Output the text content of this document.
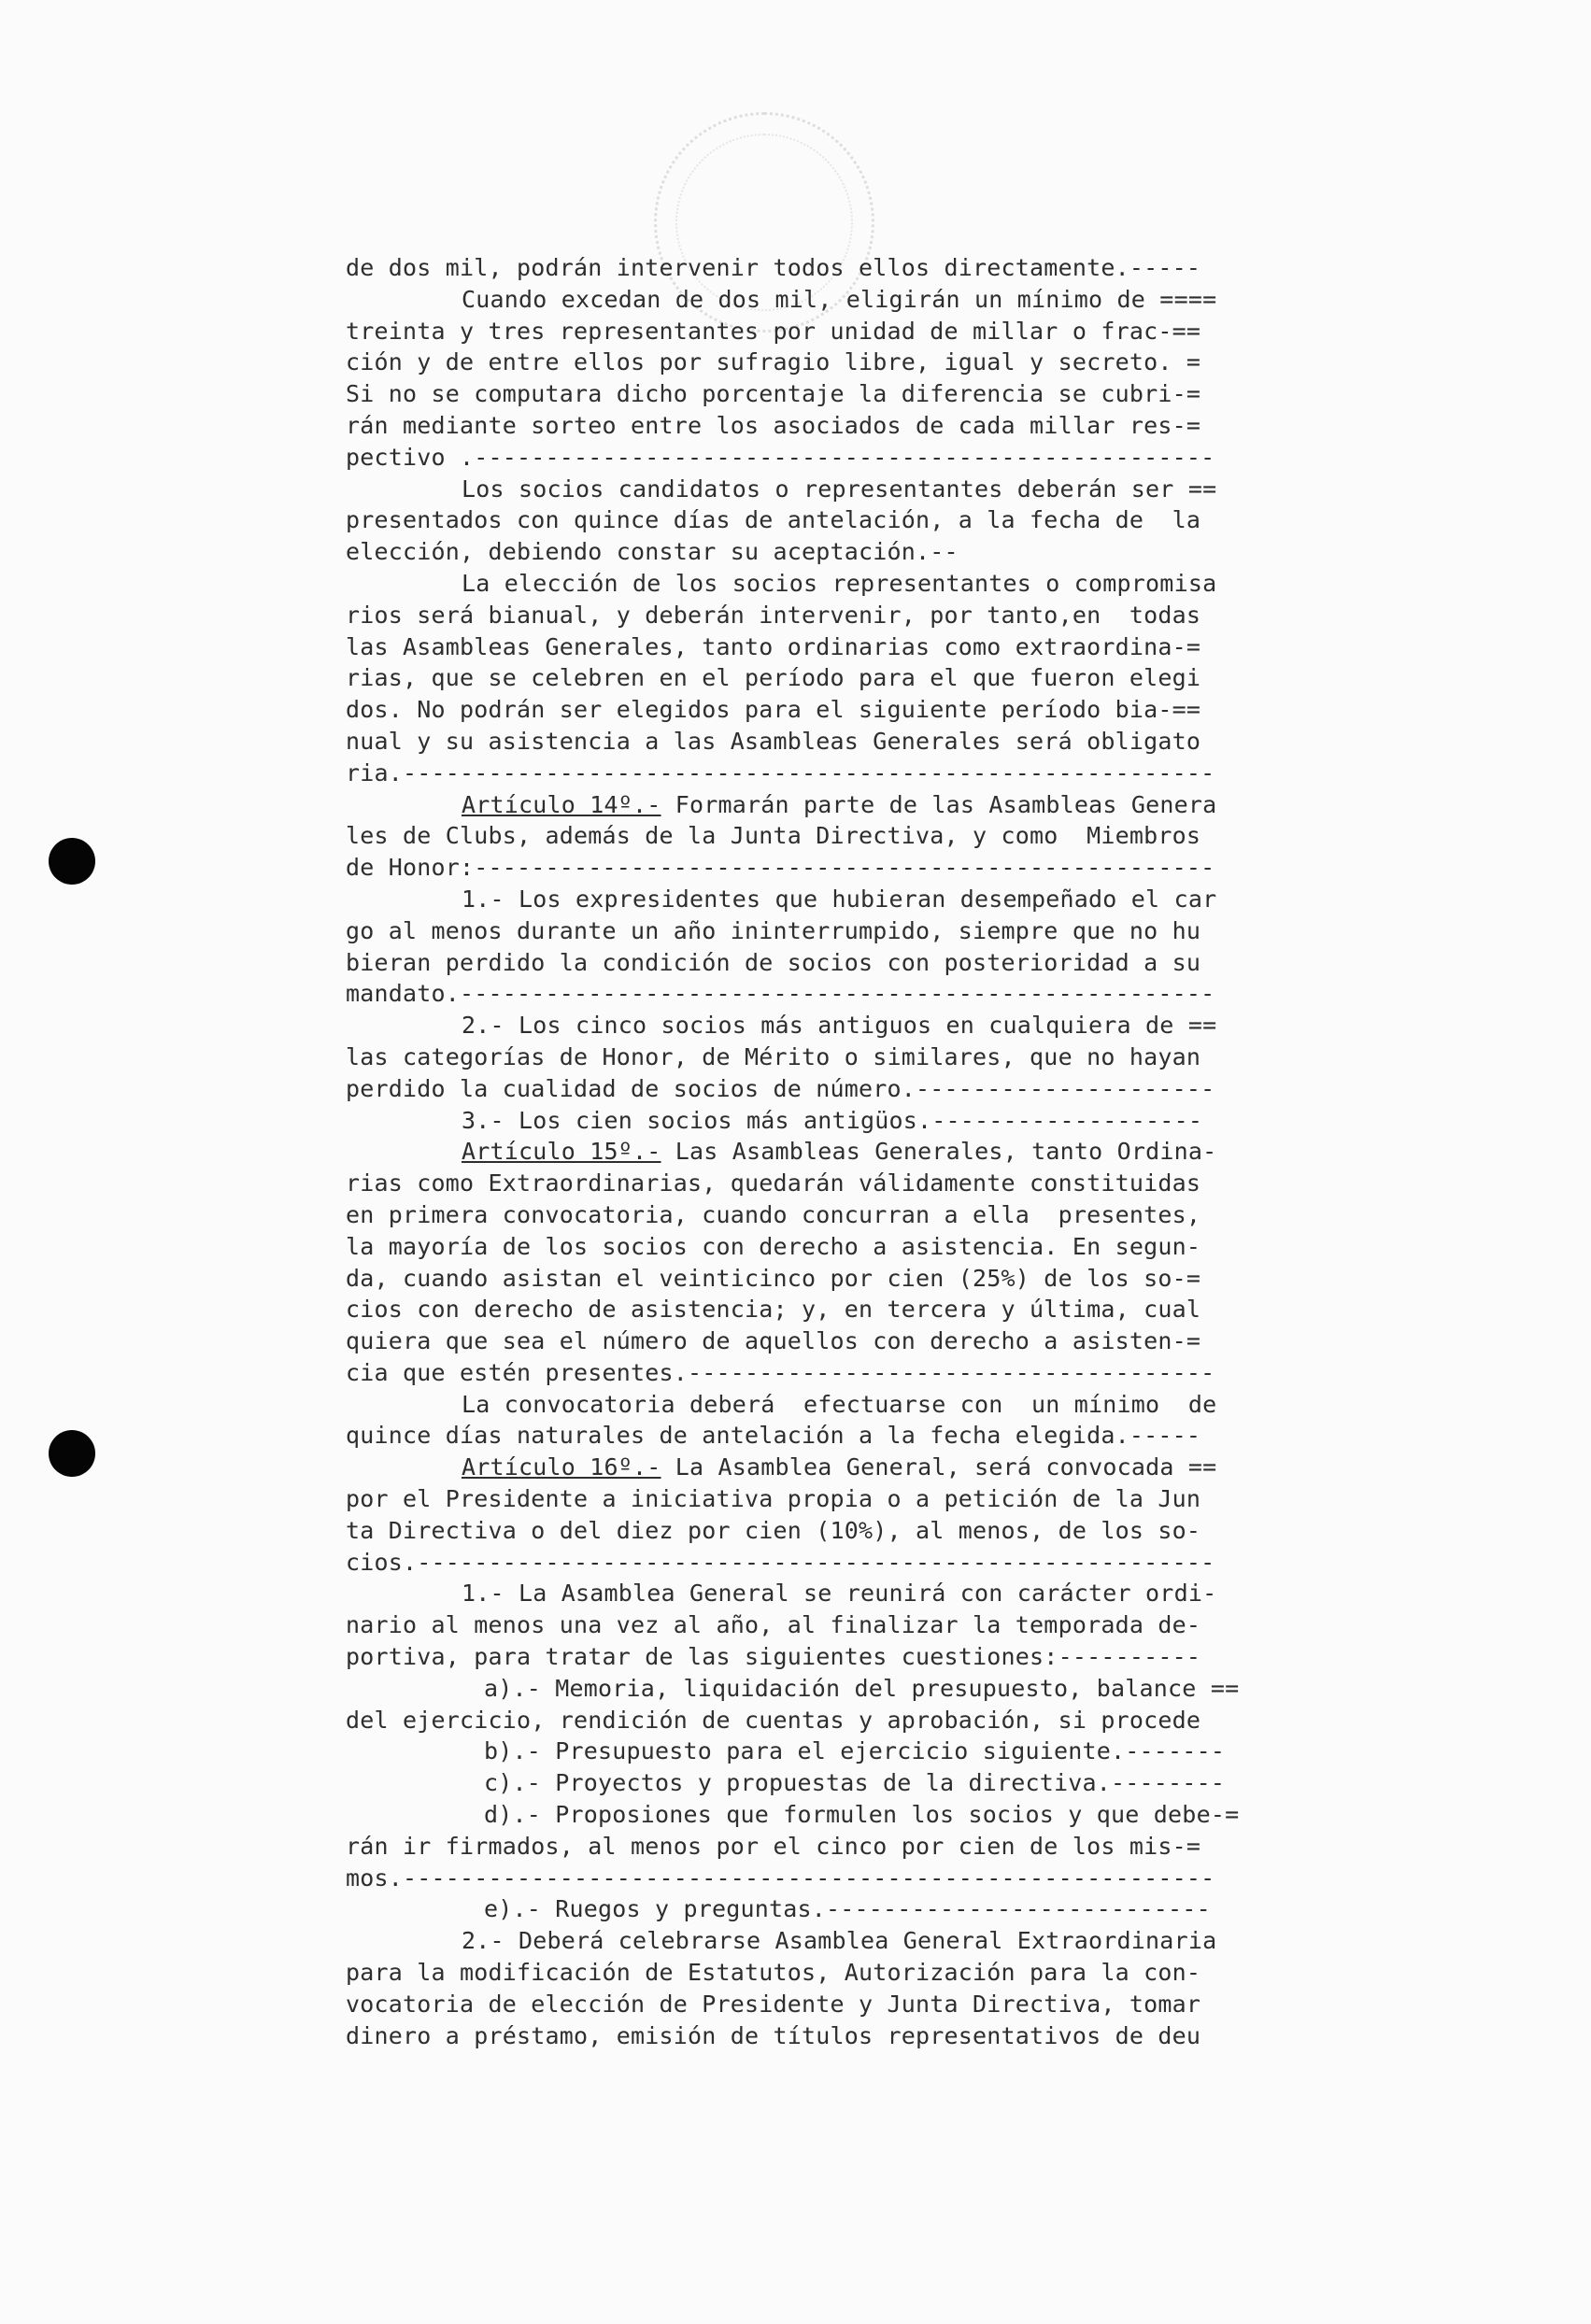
de dos mil, podrán intervenir todos ellos directamente.-----
Cuando excedan de dos mil, eligirán un mínimo de ====
treinta y tres representantes por unidad de millar o frac-==
ción y de entre ellos por sufragio libre, igual y secreto. =
Si no se computara dicho porcentaje la diferencia se cubri-=
rán mediante sorteo entre los asociados de cada millar res-=
pectivo .----------------------------------------------------
Los socios candidatos o representantes deberán ser ==
presentados con quince días de antelación, a la fecha de  la
elección, debiendo constar su aceptación.--
La elección de los socios representantes o compromisa
rios será bianual, y deberán intervenir, por tanto,en  todas
las Asambleas Generales, tanto ordinarias como extraordina-=
rias, que se celebren en el período para el que fueron elegi
dos. No podrán ser elegidos para el siguiente período bia-==
nual y su asistencia a las Asambleas Generales será obligato
ria.---------------------------------------------------------
Artículo 14º.- Formarán parte de las Asambleas Genera
les de Clubs, además de la Junta Directiva, y como  Miembros
de Honor:----------------------------------------------------
1.- Los expresidentes que hubieran desempeñado el car
go al menos durante un año ininterrumpido, siempre que no hu
bieran perdido la condición de socios con posterioridad a su
mandato.-----------------------------------------------------
2.- Los cinco socios más antiguos en cualquiera de ==
las categorías de Honor, de Mérito o similares, que no hayan
perdido la cualidad de socios de número.---------------------
3.- Los cien socios más antigüos.-------------------
Artículo 15º.- Las Asambleas Generales, tanto Ordina-
rias como Extraordinarias, quedarán válidamente constituidas
en primera convocatoria, cuando concurran a ella  presentes,
la mayoría de los socios con derecho a asistencia. En segun-
da, cuando asistan el veinticinco por cien (25%) de los so-=
cios con derecho de asistencia; y, en tercera y última, cual
quiera que sea el número de aquellos con derecho a asisten-=
cia que estén presentes.-------------------------------------
La convocatoria deberá  efectuarse con  un mínimo  de
quince días naturales de antelación a la fecha elegida.-----
Artículo 16º.- La Asamblea General, será convocada ==
por el Presidente a iniciativa propia o a petición de la Jun
ta Directiva o del diez por cien (10%), al menos, de los so-
cios.--------------------------------------------------------
1.- La Asamblea General se reunirá con carácter ordi-
nario al menos una vez al año, al finalizar la temporada de-
portiva, para tratar de las siguientes cuestiones:----------
a).- Memoria, liquidación del presupuesto, balance ==
del ejercicio, rendición de cuentas y aprobación, si procede
b).- Presupuesto para el ejercicio siguiente.-------
c).- Proyectos y propuestas de la directiva.--------
d).- Proposiones que formulen los socios y que debe-=
rán ir firmados, al menos por el cinco por cien de los mis-=
mos.---------------------------------------------------------
e).- Ruegos y preguntas.---------------------------
2.- Deberá celebrarse Asamblea General Extraordinaria
para la modificación de Estatutos, Autorización para la con-
vocatoria de elección de Presidente y Junta Directiva, tomar
dinero a préstamo, emisión de títulos representativos de deu
